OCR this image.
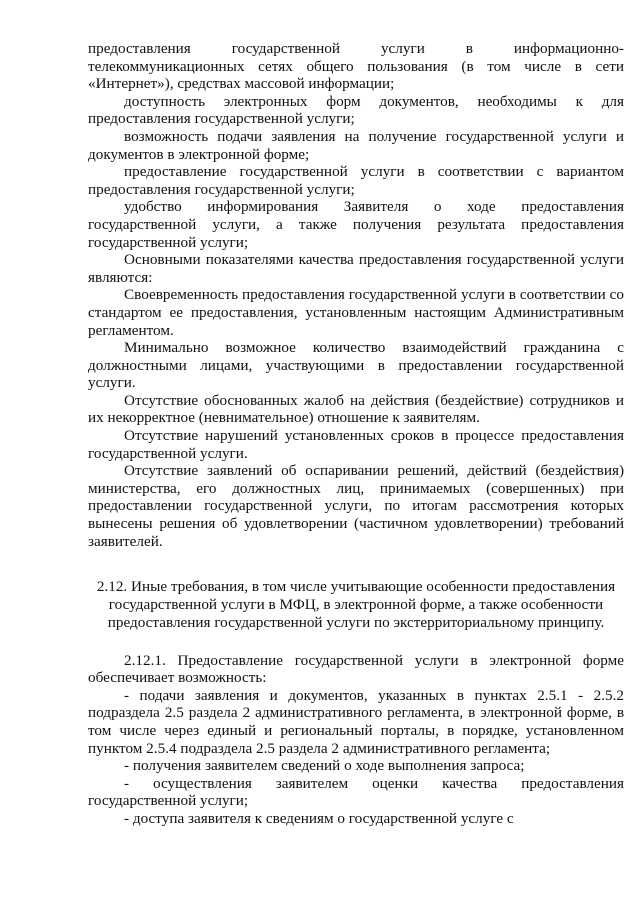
предоставления государственной услуги в информационно-телекоммуникационных сетях общего пользования (в том числе в сети «Интернет»), средствах массовой информации;

доступность электронных форм документов, необходимы к для предоставления государственной услуги;

возможность подачи заявления на получение государственной услуги и документов в электронной форме;

предоставление государственной услуги в соответствии с вариантом предоставления государственной услуги;

удобство информирования Заявителя о ходе предоставления государственной услуги, а также получения результата предоставления государственной услуги;

Основными показателями качества предоставления государственной услуги являются:

Своевременность предоставления государственной услуги в соответствии со стандартом ее предоставления, установленным настоящим Административным регламентом.

Минимально возможное количество взаимодействий гражданина с должностными лицами, участвующими в предоставлении государственной услуги.

Отсутствие обоснованных жалоб на действия (бездействие) сотрудников и их некорректное (невнимательное) отношение к заявителям.

Отсутствие нарушений установленных сроков в процессе предоставления государственной услуги.

Отсутствие заявлений об оспаривании решений, действий (бездействия) министерства, его должностных лиц, принимаемых (совершенных) при предоставлении государственной услуги, по итогам рассмотрения которых вынесены решения об удовлетворении (частичном удовлетворении) требований заявителей.

2.12. Иные требования, в том числе учитывающие особенности предоставления государственной услуги в МФЦ, в электронной форме, а также особенности предоставления государственной услуги по экстерриториальному принципу.

2.12.1. Предоставление государственной услуги в электронной форме обеспечивает возможность:

- подачи заявления и документов, указанных в пунктах 2.5.1 - 2.5.2 подраздела 2.5 раздела 2 административного регламента, в электронной форме, в том числе через единый и региональный порталы, в порядке, установленном пунктом 2.5.4 подраздела 2.5 раздела 2 административного регламента;

- получения заявителем сведений о ходе выполнения запроса;

- осуществления заявителем оценки качества предоставления государственной услуги;

- доступа заявителя к сведениям о государственной услуге с
